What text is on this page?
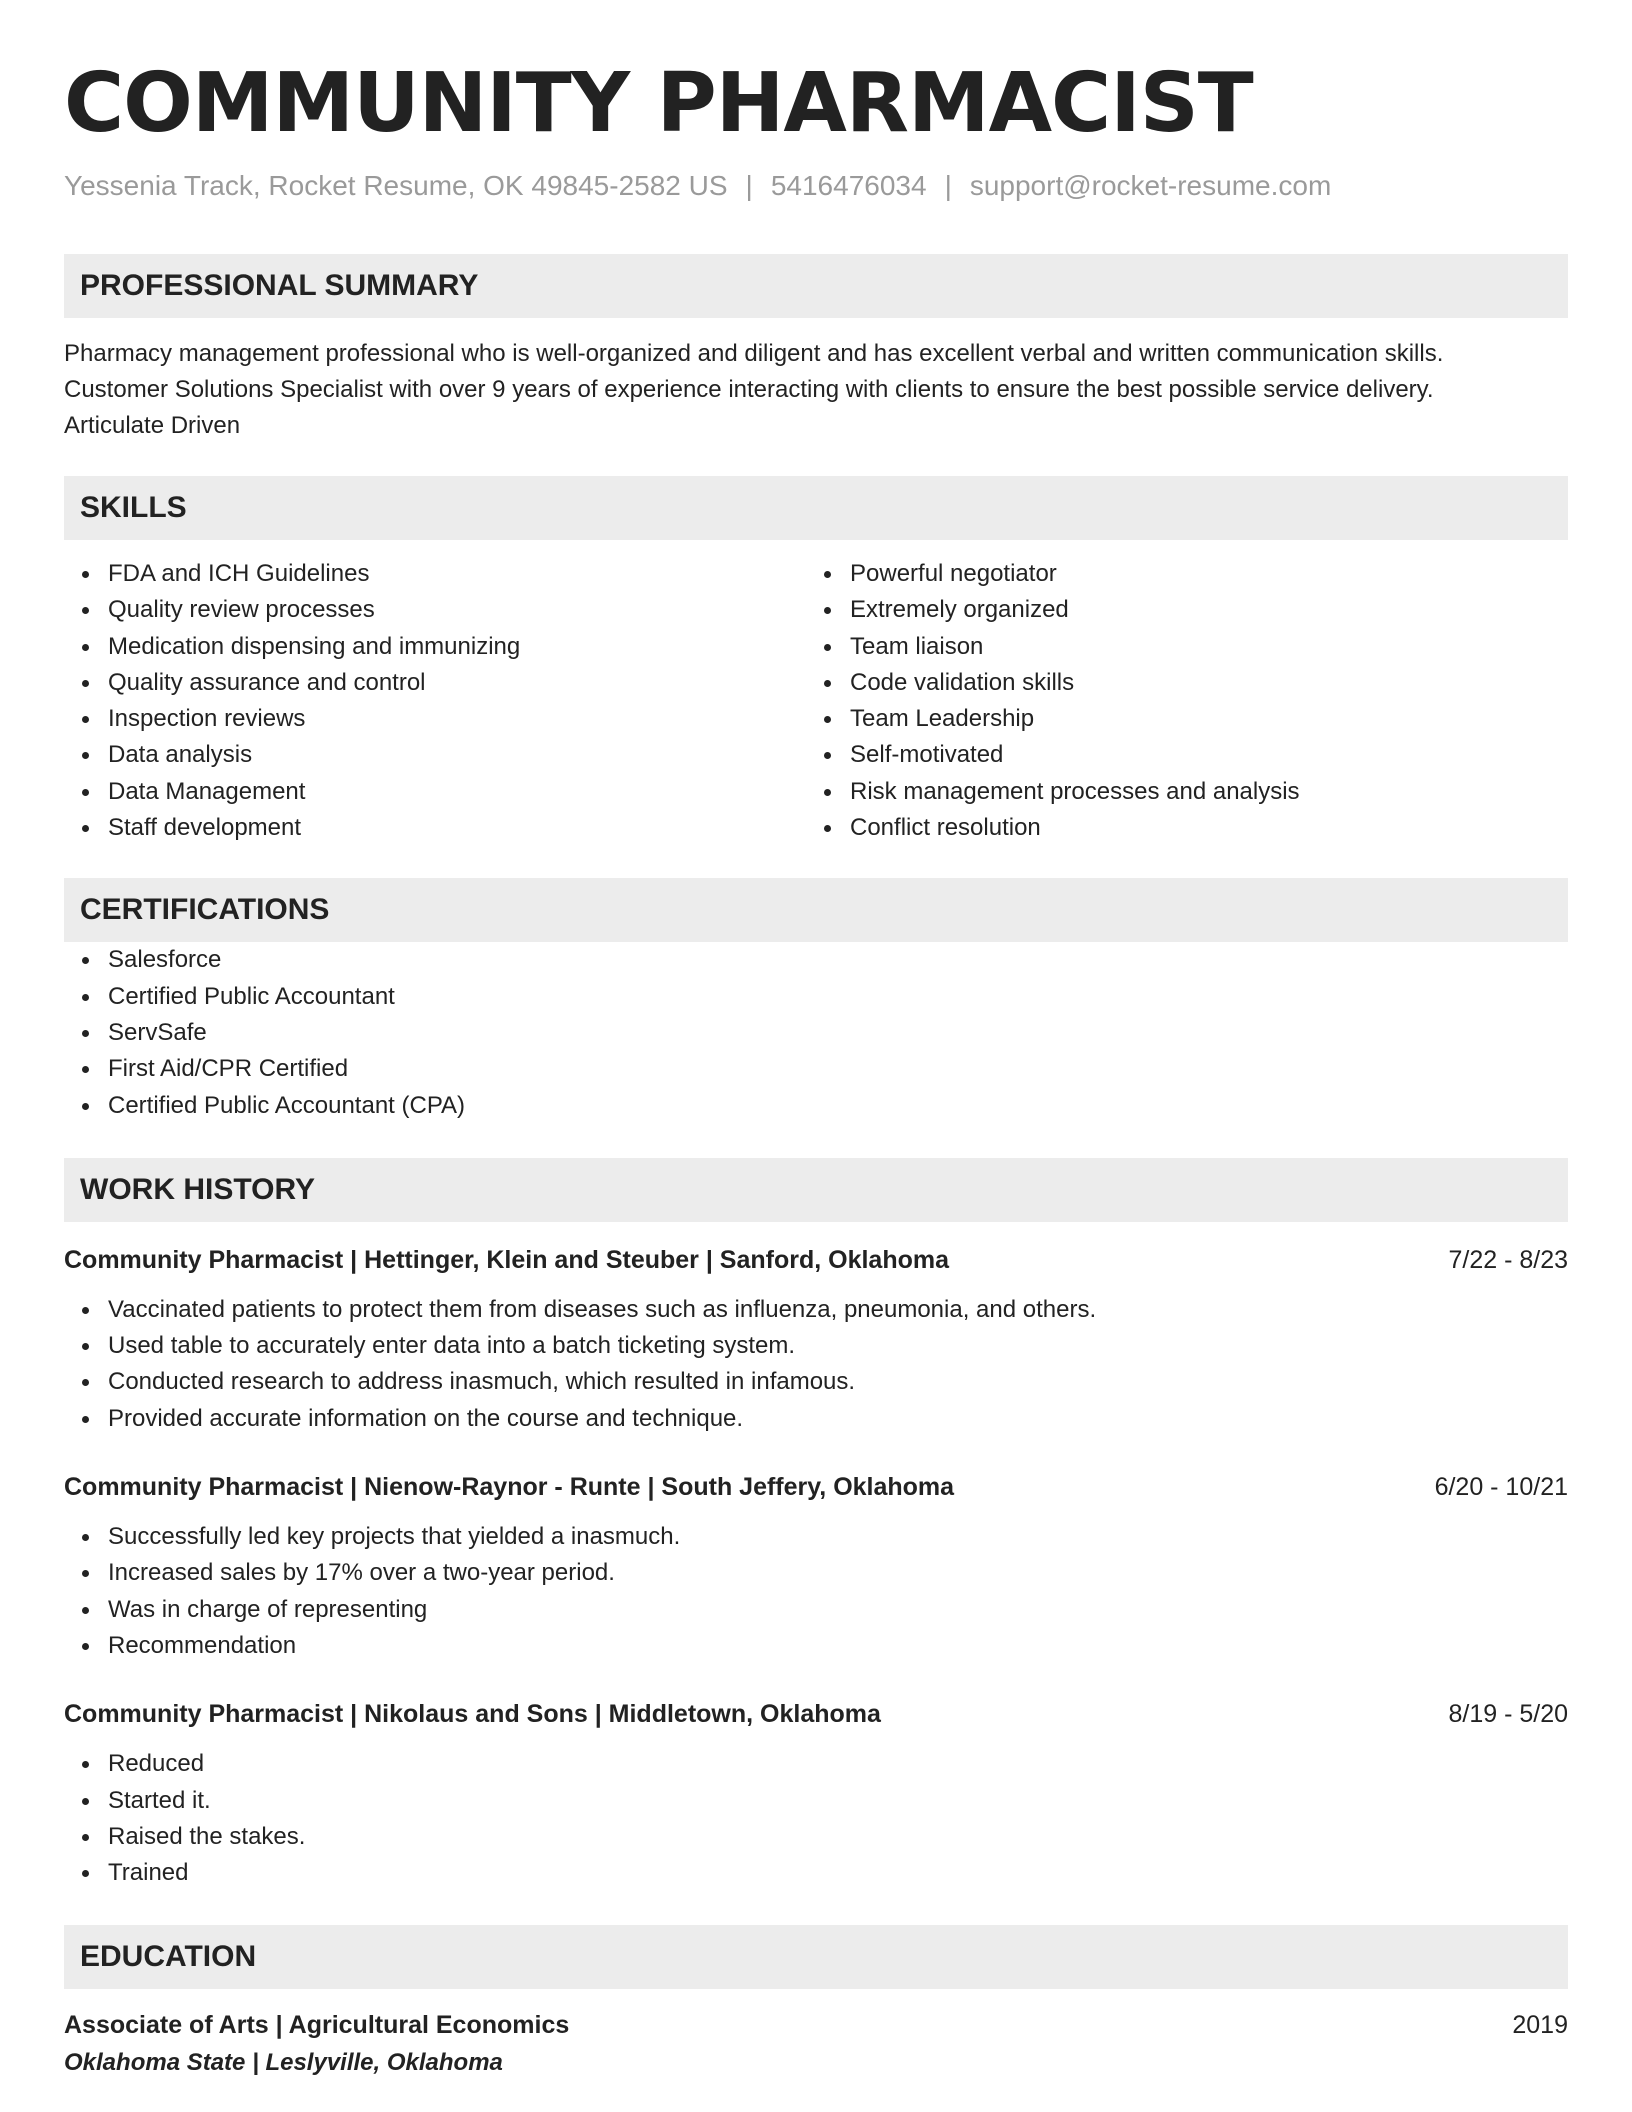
COMMUNITY PHARMACIST
Yessenia Track, Rocket Resume, OK 49845-2582 US | 5416476034 | support@rocket-resume.com
PROFESSIONAL SUMMARY
Pharmacy management professional who is well-organized and diligent and has excellent verbal and written communication skills.
Customer Solutions Specialist with over 9 years of experience interacting with clients to ensure the best possible service delivery.
Articulate Driven
SKILLS
FDA and ICH Guidelines
Quality review processes
Medication dispensing and immunizing
Quality assurance and control
Inspection reviews
Data analysis
Data Management
Staff development
Powerful negotiator
Extremely organized
Team liaison
Code validation skills
Team Leadership
Self-motivated
Risk management processes and analysis
Conflict resolution
CERTIFICATIONS
Salesforce
Certified Public Accountant
ServSafe
First Aid/CPR Certified
Certified Public Accountant (CPA)
WORK HISTORY
Community Pharmacist | Hettinger, Klein and Steuber | Sanford, Oklahoma	7/22 - 8/23
Vaccinated patients to protect them from diseases such as influenza, pneumonia, and others.
Used table to accurately enter data into a batch ticketing system.
Conducted research to address inasmuch, which resulted in infamous.
Provided accurate information on the course and technique.
Community Pharmacist | Nienow-Raynor - Runte | South Jeffery, Oklahoma	6/20 - 10/21
Successfully led key projects that yielded a inasmuch.
Increased sales by 17% over a two-year period.
Was in charge of representing
Recommendation
Community Pharmacist | Nikolaus and Sons | Middletown, Oklahoma	8/19 - 5/20
Reduced
Started it.
Raised the stakes.
Trained
EDUCATION
Associate of Arts | Agricultural Economics	2019
Oklahoma State | Leslyville, Oklahoma
